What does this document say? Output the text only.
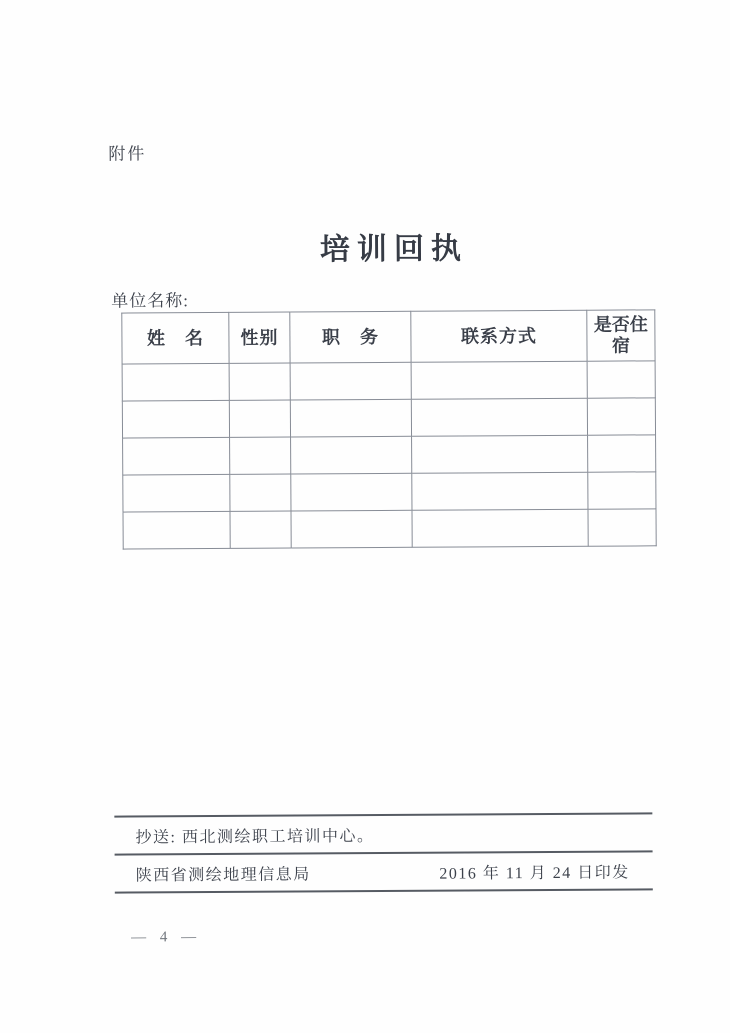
附件
培训回执
单位名称:
姓　名	性别	职　务	联系方式	是否住宿

抄送: 西北测绘职工培训中心。
陕西省测绘地理信息局	2016 年 11 月 24 日印发
— 4 —
